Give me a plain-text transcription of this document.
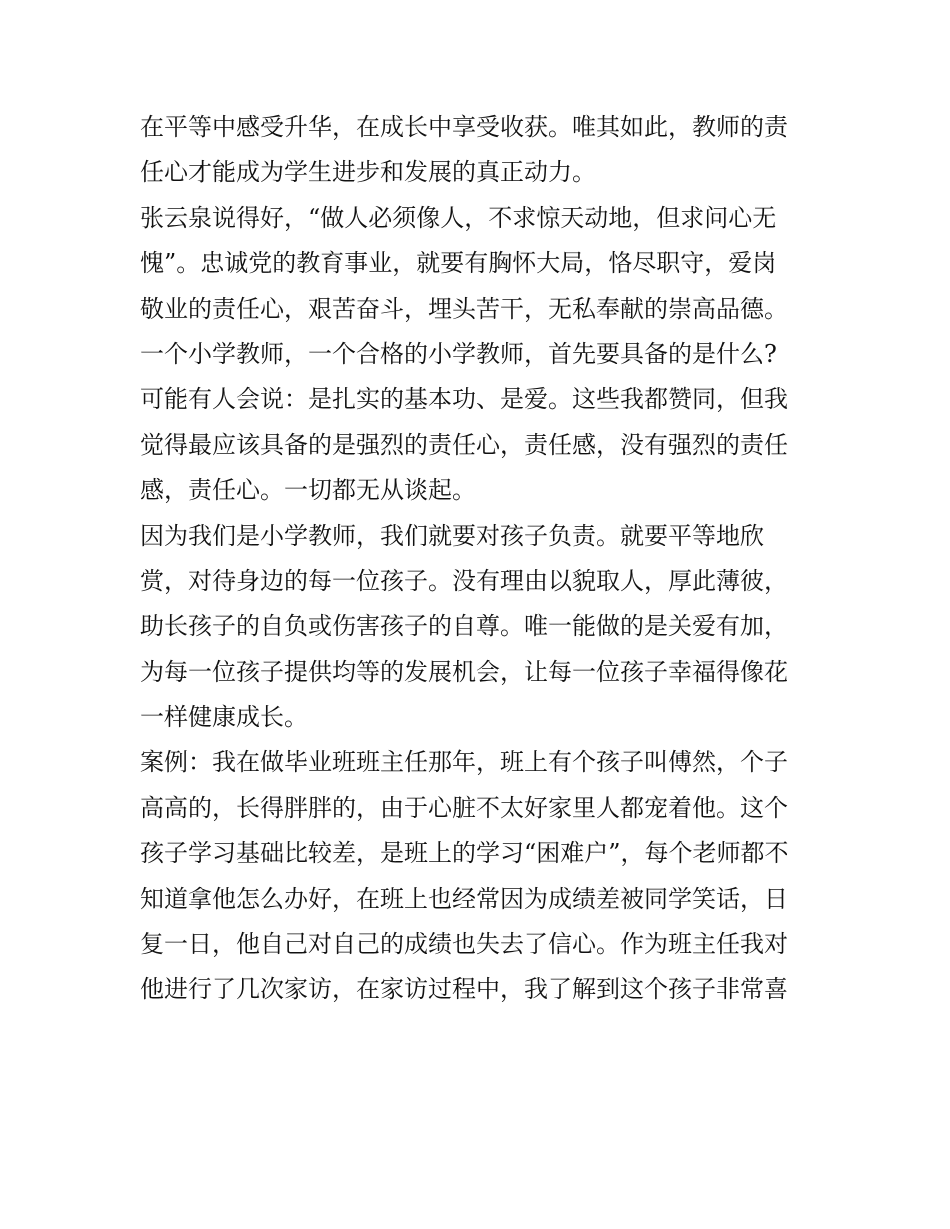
在平等中感受升华，在成长中享受收获。唯其如此，教师的责
任心才能成为学生进步和发展的真正动力。
张云泉说得好，“做人必须像人，不求惊天动地，但求问心无
愧”。忠诚党的教育事业，就要有胸怀大局，恪尽职守，爱岗
敬业的责任心，艰苦奋斗，埋头苦干，无私奉献的崇高品德。
一个小学教师，一个合格的小学教师，首先要具备的是什么?
可能有人会说：是扎实的基本功、是爱。这些我都赞同，但我
觉得最应该具备的是强烈的责任心，责任感，没有强烈的责任
感，责任心。一切都无从谈起。
因为我们是小学教师，我们就要对孩子负责。就要平等地欣
赏，对待身边的每一位孩子。没有理由以貌取人，厚此薄彼，
助长孩子的自负或伤害孩子的自尊。唯一能做的是关爱有加，
为每一位孩子提供均等的发展机会，让每一位孩子幸福得像花
一样健康成长。
案例：我在做毕业班班主任那年，班上有个孩子叫傅然，个子
高高的，长得胖胖的，由于心脏不太好家里人都宠着他。这个
孩子学习基础比较差，是班上的学习“困难户”，每个老师都不
知道拿他怎么办好，在班上也经常因为成绩差被同学笑话，日
复一日，他自己对自己的成绩也失去了信心。作为班主任我对
他进行了几次家访，在家访过程中，我了解到这个孩子非常喜
